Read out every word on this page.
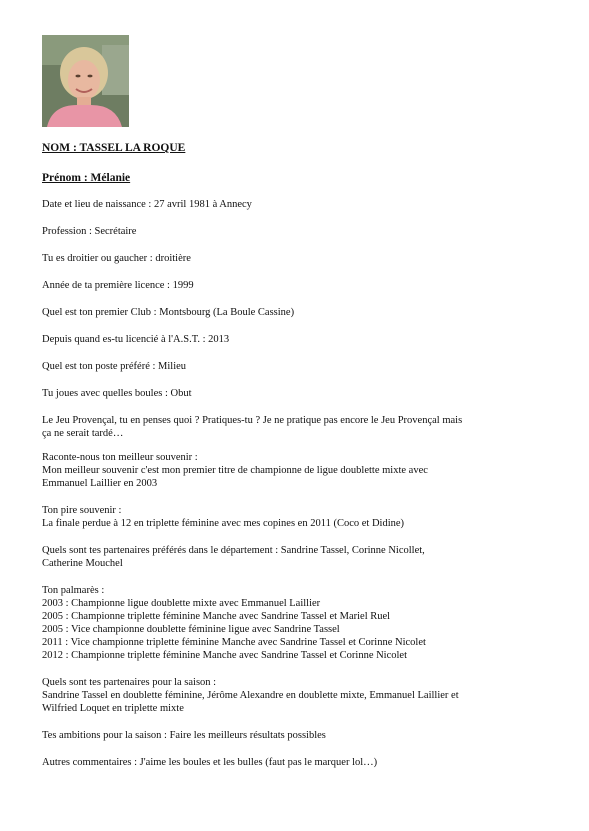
NOM : TASSEL LA ROQUE
Prénom : Mélanie
Date et lieu de naissance : 27 avril 1981 à Annecy
Profession : Secrétaire
Tu es droitier ou gaucher : droitière
Année de ta première licence : 1999
Quel est ton premier Club : Montsbourg (La Boule Cassine)
Depuis quand es-tu licencié à l'A.S.T. : 2013
Quel est ton poste préféré : Milieu
Tu joues avec quelles boules : Obut
Le Jeu Provençal, tu en penses quoi ? Pratiques-tu ? Je ne pratique pas encore le Jeu Provençal mais
ça ne serait tardé…
Raconte-nous ton meilleur souvenir :
Mon meilleur souvenir c'est mon premier titre de championne de ligue doublette mixte avec
Emmanuel Laillier en 2003
Ton pire souvenir :
La finale perdue à 12 en triplette féminine avec mes copines en 2011 (Coco et Didine)
Quels sont tes partenaires préférés dans le département : Sandrine Tassel, Corinne Nicollet,
Catherine Mouchel
Ton palmarès :
2003 : Championne ligue doublette mixte avec Emmanuel Laillier
2005 : Championne triplette féminine Manche avec Sandrine Tassel et Mariel Ruel
2005 : Vice championne doublette féminine ligue avec Sandrine Tassel
2011 : Vice championne triplette féminine Manche avec Sandrine Tassel et Corinne Nicolet
2012 : Championne triplette féminine Manche avec Sandrine Tassel et Corinne Nicolet
Quels sont tes partenaires pour la saison :
Sandrine Tassel en doublette féminine, Jérôme Alexandre en doublette mixte, Emmanuel Laillier et
Wilfried Loquet en triplette mixte
Tes ambitions pour la saison : Faire les meilleurs résultats possibles
Autres commentaires : J'aime les boules et les bulles (faut pas le marquer lol…)
